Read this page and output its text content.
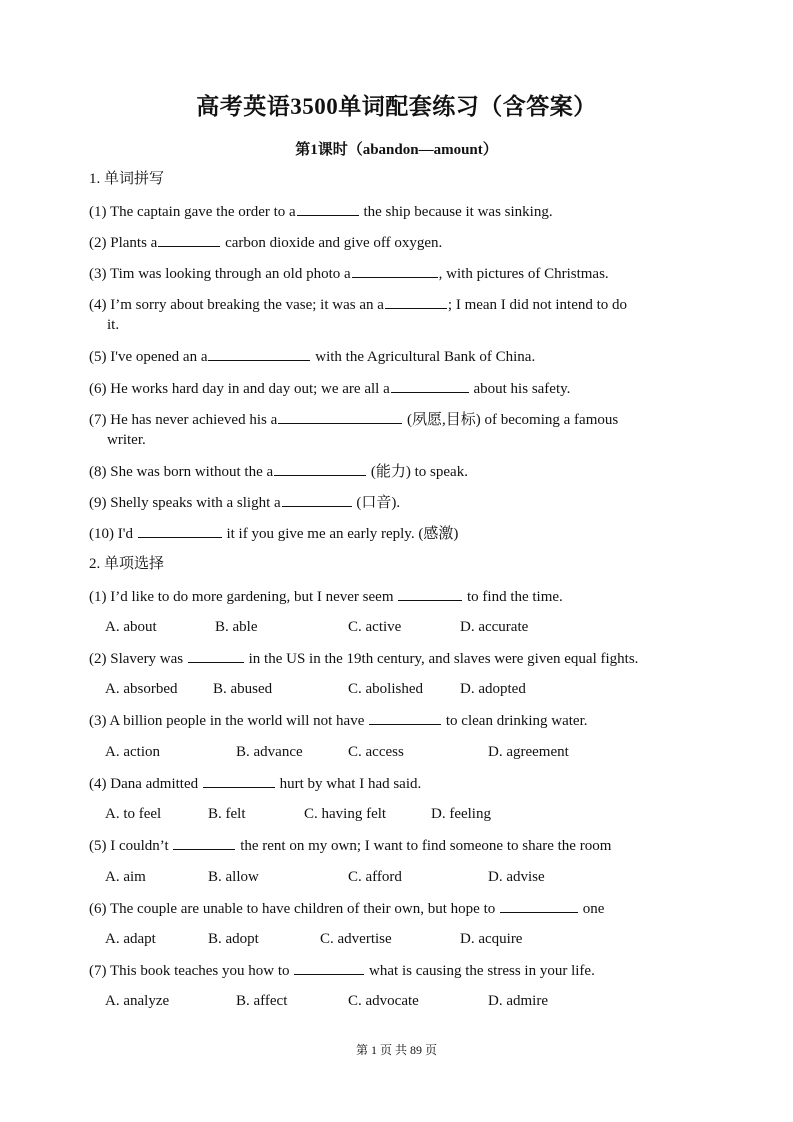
高考英语3500单词配套练习（含答案）
第1课时（abandon—amount）
1. 单词拼写
(1) The captain gave the order to a	the ship because it was sinking.
(2) Plants a	carbon dioxide and give off oxygen.
(3) Tim was looking through an old photo a	, with pictures of Christmas.
(4) I’m sorry about breaking the vase; it was an a	; I mean I did not intend to do
it.
(5) I've opened an a	with the Agricultural Bank of China.
(6) He works hard day in and day out; we are all a	about his safety.
(7) He has never achieved his a	(夙愿,目标) of becoming a famous
writer.
(8) She was born without the a	(能力) to speak.
(9) Shelly speaks with a slight a	(口音).
(10) I'd	it if you give me an early reply. (感激)
2. 单项选择
(1) I’d like to do more gardening, but I never seem	to find the time.
A. about	B. able	C. active	D. accurate
(2) Slavery was	in the US in the 19th century, and slaves were given equal fights.
A. absorbed B. abused	C. abolished D. adopted
(3) A billion people in the world will not have	to clean drinking water.
A. action	B. advance	C. access	D. agreement
(4) Dana admitted	hurt by what I had said.
A. to feel	B. felt	C. having felt	D. feeling
(5) I couldn’t	the rent on my own; I want to find someone to share the room
A. aim	B. allow	C. afford	D. advise
(6) The couple are unable to have children of their own, but hope to	one
A. adapt	B. adopt	C. advertise	D. acquire
(7) This book teaches you how to	what is causing the stress in your life.
A. analyze	B. affect	C. advocate	D. admire
第 1 页 共 89 页
